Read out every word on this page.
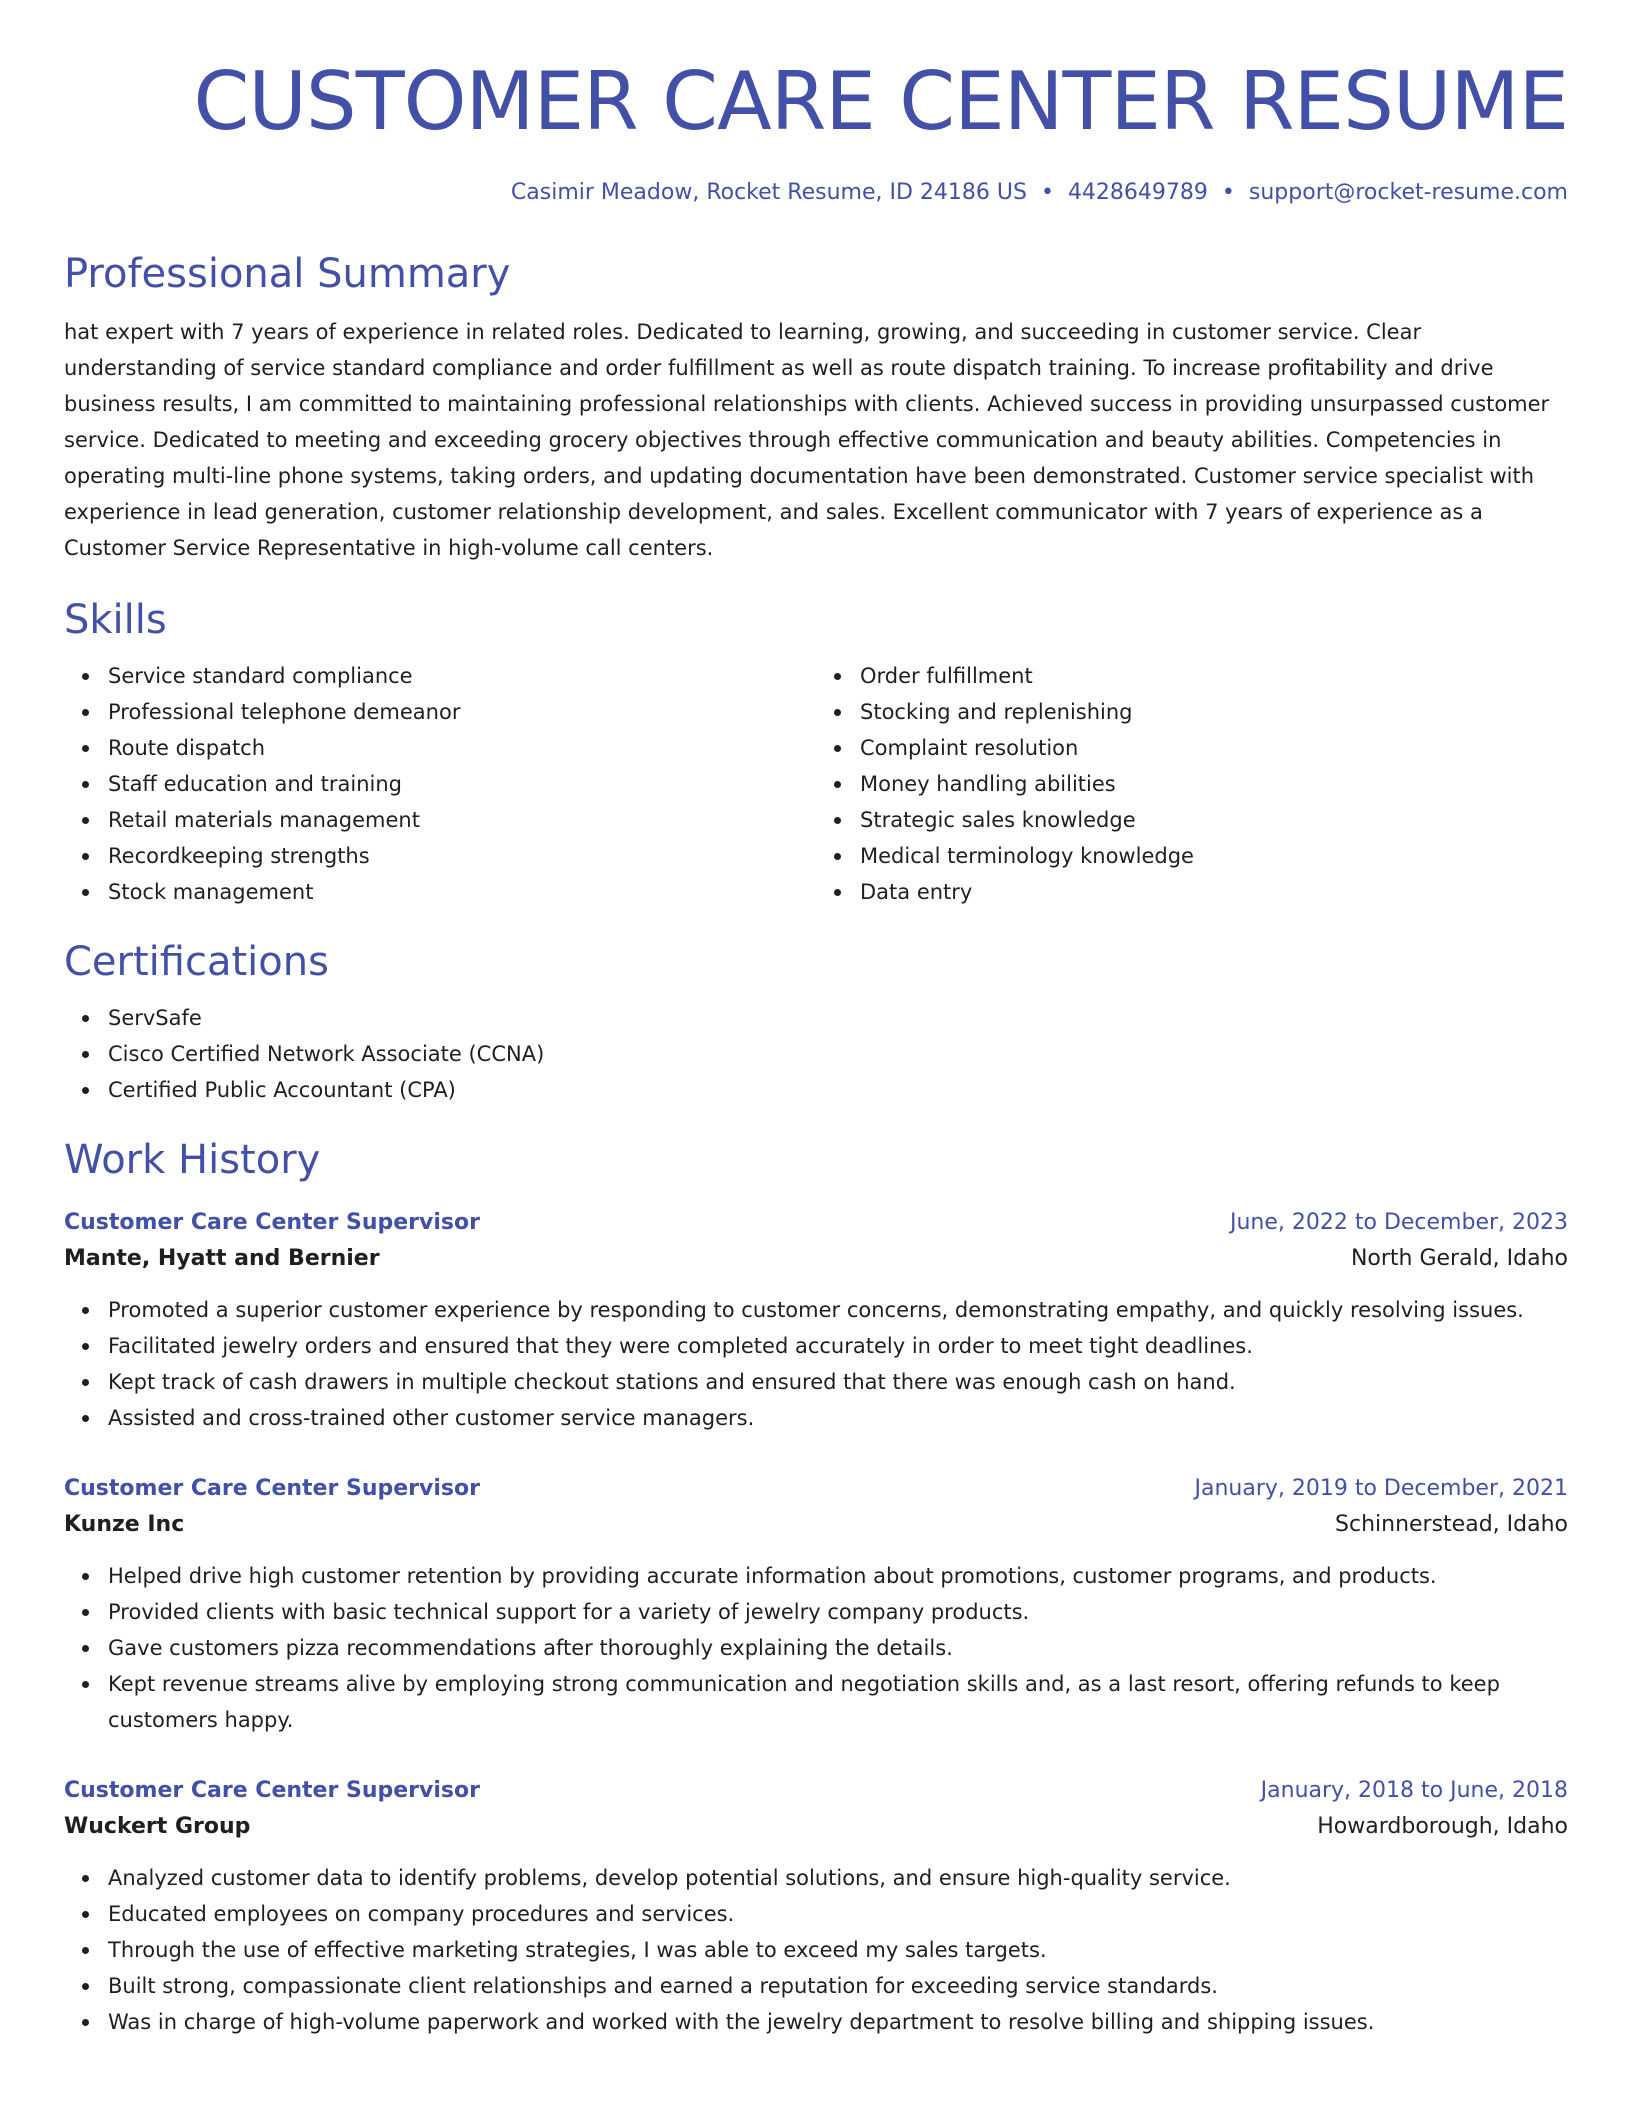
CUSTOMER CARE CENTER RESUME
Casimir Meadow, Rocket Resume, ID 24186 US • 4428649789 • support@rocket-resume.com
Professional Summary

hat expert with 7 years of experience in related roles. Dedicated to learning, growing, and succeeding in customer service. Clear understanding of service standard compliance and order fulfillment as well as route dispatch training. To increase profitability and drive business results, I am committed to maintaining professional relationships with clients. Achieved success in providing unsurpassed customer service. Dedicated to meeting and exceeding grocery objectives through effective communication and beauty abilities. Competencies in operating multi-line phone systems, taking orders, and updating documentation have been demonstrated. Customer service specialist with experience in lead generation, customer relationship development, and sales. Excellent communicator with 7 years of experience as a Customer Service Representative in high-volume call centers.

Skills
Service standard compliance
Professional telephone demeanor
Route dispatch
Staff education and training
Retail materials management
Recordkeeping strengths
Stock management
Order fulfillment
Stocking and replenishing
Complaint resolution
Money handling abilities
Strategic sales knowledge
Medical terminology knowledge
Data entry
Certifications
ServSafe
Cisco Certified Network Associate (CCNA)
Certified Public Accountant (CPA)
Work History
Customer Care Center Supervisor	June, 2022 to December, 2023
Mante, Hyatt and Bernier	North Gerald, Idaho
Promoted a superior customer experience by responding to customer concerns, demonstrating empathy, and quickly resolving issues.
Facilitated jewelry orders and ensured that they were completed accurately in order to meet tight deadlines.
Kept track of cash drawers in multiple checkout stations and ensured that there was enough cash on hand.
Assisted and cross-trained other customer service managers.
Customer Care Center Supervisor	January, 2019 to December, 2021
Kunze Inc	Schinnerstead, Idaho
Helped drive high customer retention by providing accurate information about promotions, customer programs, and products.
Provided clients with basic technical support for a variety of jewelry company products.
Gave customers pizza recommendations after thoroughly explaining the details.
Kept revenue streams alive by employing strong communication and negotiation skills and, as a last resort, offering refunds to keep customers happy.
Customer Care Center Supervisor	January, 2018 to June, 2018
Wuckert Group	Howardborough, Idaho
Analyzed customer data to identify problems, develop potential solutions, and ensure high-quality service.
Educated employees on company procedures and services.
Through the use of effective marketing strategies, I was able to exceed my sales targets.
Built strong, compassionate client relationships and earned a reputation for exceeding service standards.
Was in charge of high-volume paperwork and worked with the jewelry department to resolve billing and shipping issues.
